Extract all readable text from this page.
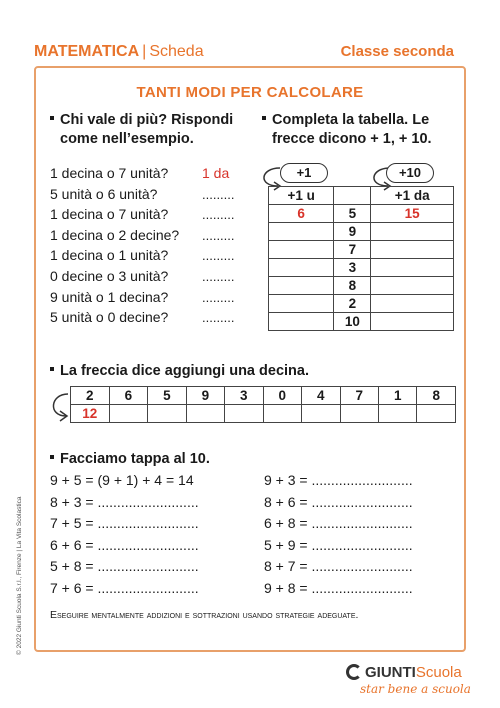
MATEMATICA | Scheda	Classe seconda
© 2022 Giunti Scuola S.r.l., Firenze | La Vita Scolastica
TANTI MODI PER CALCOLARE
Chi vale di più? Rispondi
come nell’esempio.
1 decina o 7 unità? 1 da
5 unità o 6 unità?	.........
1 decina o 7 unità?	.........
1 decina o 2 decine? .........
1 decina o 1 unità?	.........
0 decine o 3 unità?	.........
9 unità o 1 decina?	.........
5 unità o 0 decine?	.........
Completa la tabella. Le
frecce dicono + 1, + 10.
+1	+10
+1 u		+1 da
6	5	15
	9	
	7	
	3	
	8	
	2	
	10	
La freccia dice aggiungi una decina.
2	6	5	9	3	0	4	7	1	8
12									
Facciamo tappa al 10.
9 + 5 = (9 + 1) + 4 = 14
8 + 3 = ..........................
7 + 5 = ..........................
6 + 6 = ..........................
5 + 8 = ..........................
7 + 6 = ..........................
9 + 3 = ..........................
8 + 6 = ..........................
6 + 8 = ..........................
5 + 9 = ..........................
8 + 7 = ..........................
9 + 8 = ..........................
Eseguire mentalmente addizioni e sottrazioni usando strategie adeguate.
GIUNTIScuola
star bene a scuola
